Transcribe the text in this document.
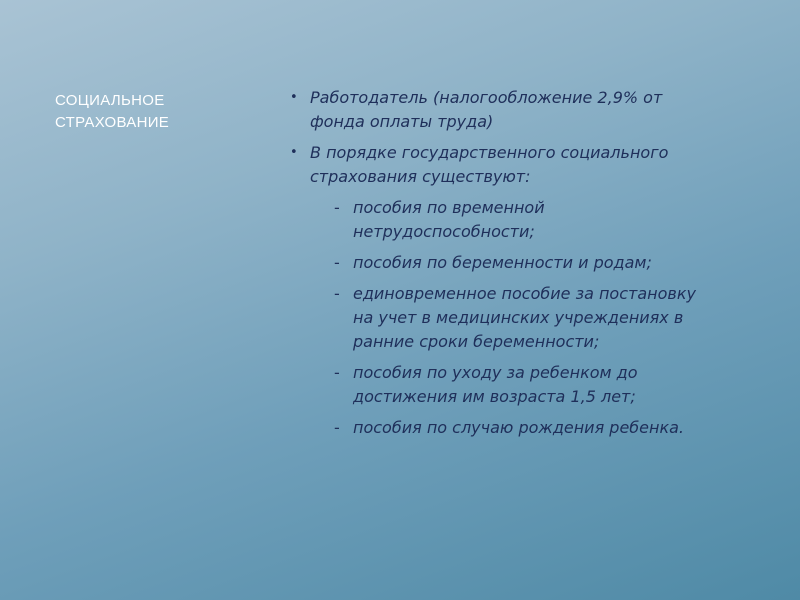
СОЦИАЛЬНОЕ
СТРАХОВАНИЕ
• Работодатель (налогообложение 2,9% от
фонда оплаты труда)
• В порядке государственного социального
страхования существуют:
- пособия по временной
нетрудоспособности;
- пособия по беременности и родам;
- единовременное пособие за постановку
на учет в медицинских учреждениях в
ранние сроки беременности;
- пособия по уходу за ребенком до
достижения им возраста 1,5 лет;
- пособия по случаю рождения ребенка.
